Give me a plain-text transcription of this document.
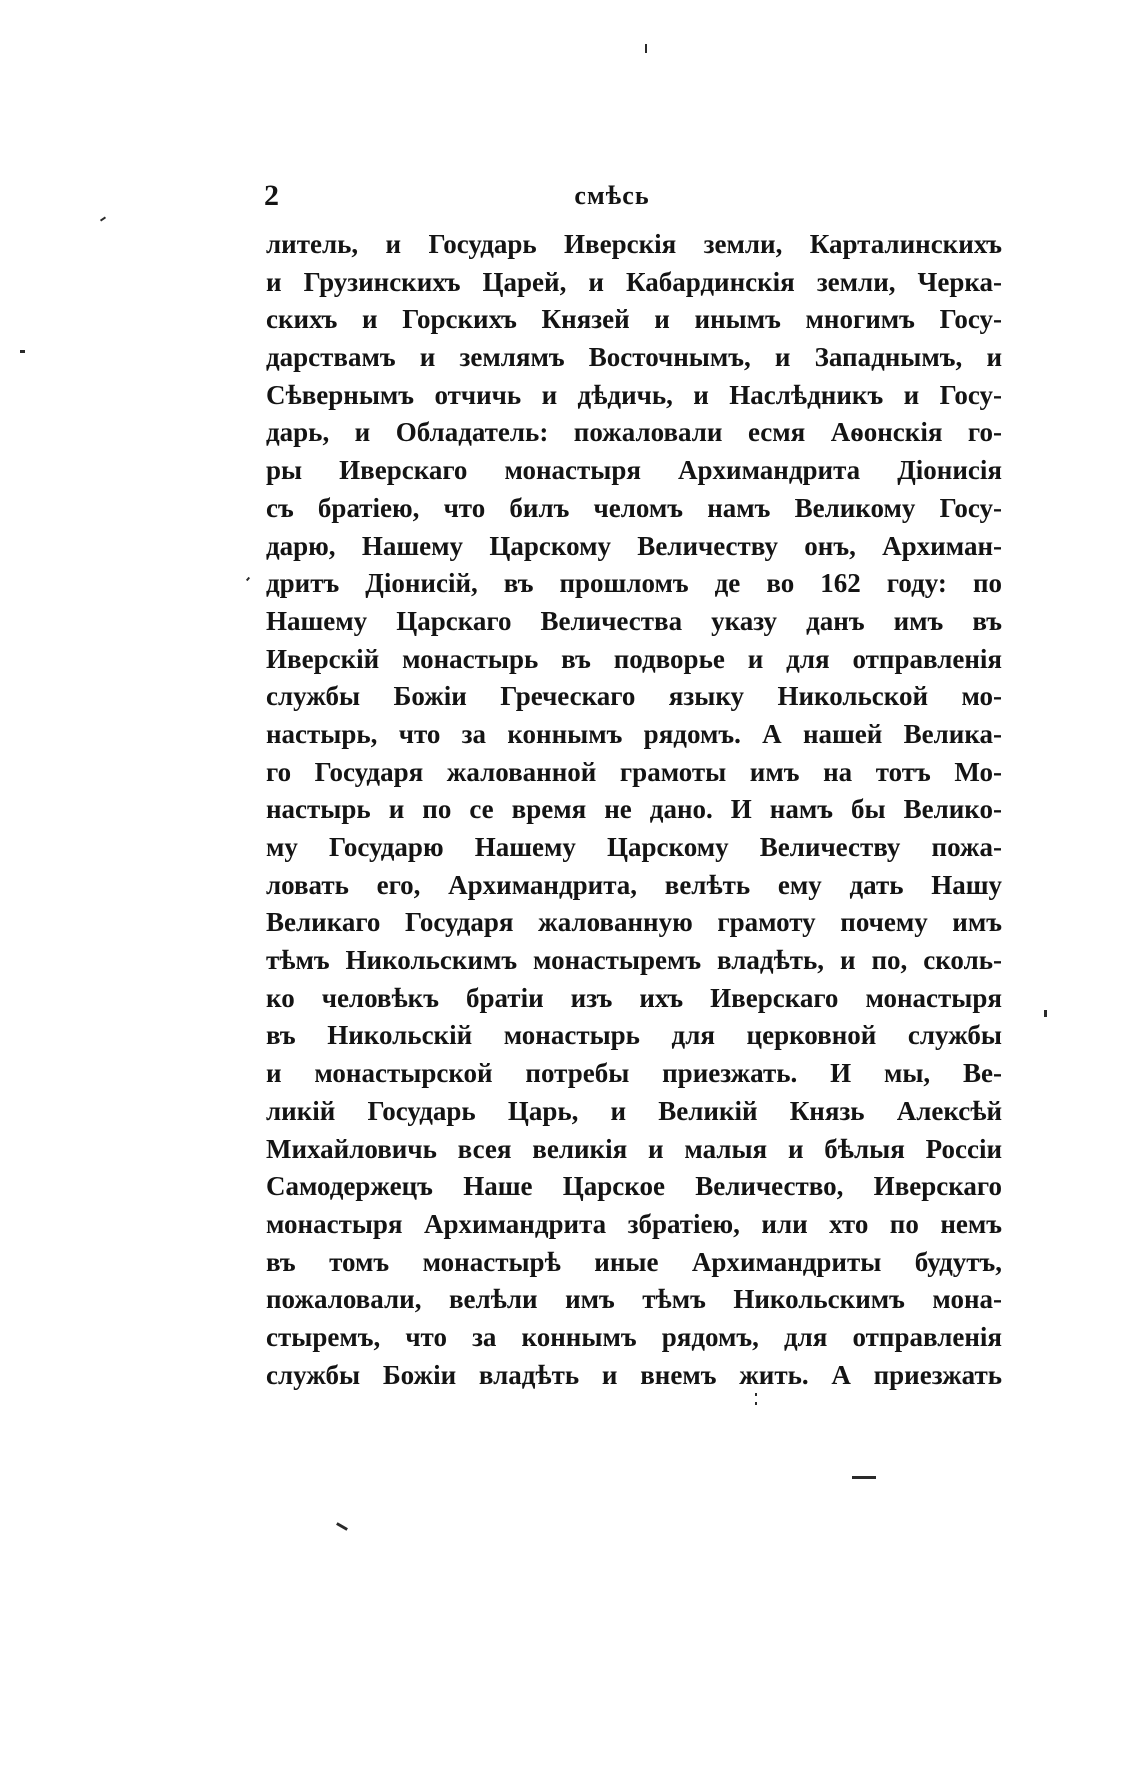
2	смѣсь
литель, и Государь Иверскія земли, Карталинскихъ
и Грузинскихъ Царей, и Кабардинскія земли, Черка-
скихъ и Горскихъ Князей и инымъ многимъ Госу-
дарствамъ и землямъ Восточнымъ, и Западнымъ, и
Сѣвернымъ отчичь и дѣдичь, и Наслѣдникъ и Госу-
дарь, и Обладатель: пожаловали есмя Аѳонскія го-
ры Иверскаго монастыря Архимандрита Діонисія
съ братіею, что билъ челомъ намъ Великому Госу-
дарю, Нашему Царскому Величеству онъ, Архиман-
дритъ Діонисій, въ прошломъ де во 162 году: по
Нашему Царскаго Величества указу данъ имъ въ
Иверскій монастырь въ подворье и для отправленія
службы Божіи Греческаго языку Никольской мо-
настырь, что за коннымъ рядомъ. А нашей Велика-
го Государя жалованной грамоты имъ на тотъ Мо-
настырь и по се время не дано. И намъ бы Велико-
му Государю Нашему Царскому Величеству пожа-
ловать его, Архимандрита, велѣть ему дать Нашу
Великаго Государя жалованную грамоту почему имъ
тѣмъ Никольскимъ монастыремъ владѣть, и по, сколь-
ко человѣкъ братіи изъ ихъ Иверскаго монастыря
въ Никольскій монастырь для церковной службы
и монастырской потребы приезжать. И мы, Ве-
ликій Государь Царь, и Великій Князь Алексѣй
Михайловичь всея великія и малыя и бѣлыя Россіи
Самодержецъ Наше Царское Величество, Иверскаго
монастыря Архимандрита збратіею, или хто по немъ
въ томъ монастырѣ иные Архимандриты будутъ,
пожаловали, велѣли имъ тѣмъ Никольскимъ мона-
стыремъ, что за коннымъ рядомъ, для отправленія
службы Божіи владѣть и внемъ жить. А приезжать
